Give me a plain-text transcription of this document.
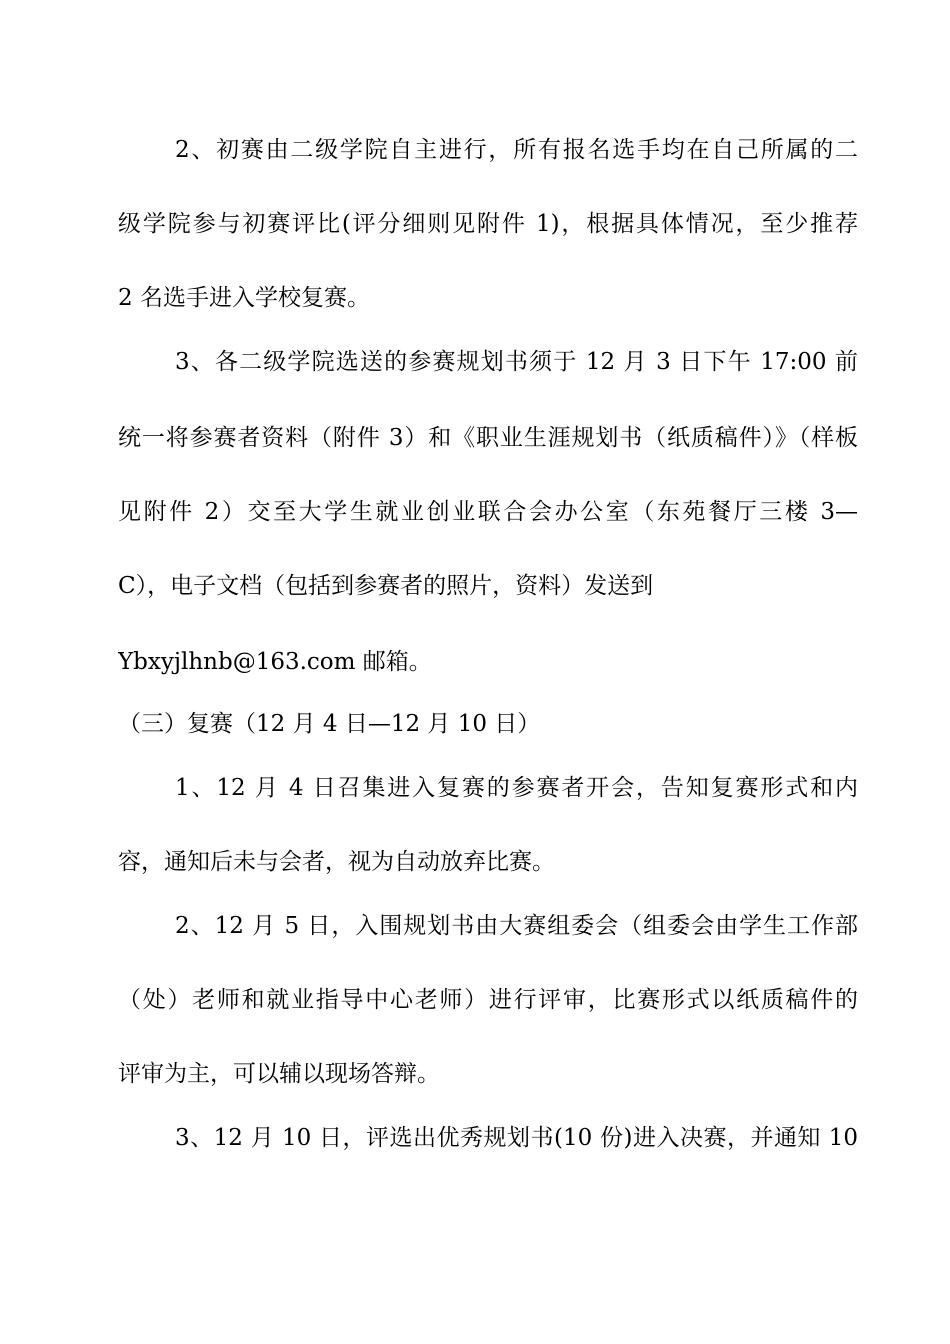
2、初赛由二级学院自主进行，所有报名选手均在自己所属的二
级学院参与初赛评比(评分细则见附件 1)，根据具体情况，至少推荐
2 名选手进入学校复赛。
3、各二级学院选送的参赛规划书须于 12 月 3 日下午 17:00 前
统一将参赛者资料（附件 3）和《职业生涯规划书（纸质稿件）》（样板
见附件 2）交至大学生就业创业联合会办公室（东苑餐厅三楼 3—
C），电子文档（包括到参赛者的照片，资料）发送到
Ybxyjlhnb@163.com 邮箱。
（三）复赛（12 月 4 日—12 月 10 日）
1、12 月 4 日召集进入复赛的参赛者开会，告知复赛形式和内
容，通知后未与会者，视为自动放弃比赛。
2、12 月 5 日，入围规划书由大赛组委会（组委会由学生工作部
（处）老师和就业指导中心老师）进行评审，比赛形式以纸质稿件的
评审为主，可以辅以现场答辩。
3、12 月 10 日，评选出优秀规划书(10 份)进入决赛，并通知 10
